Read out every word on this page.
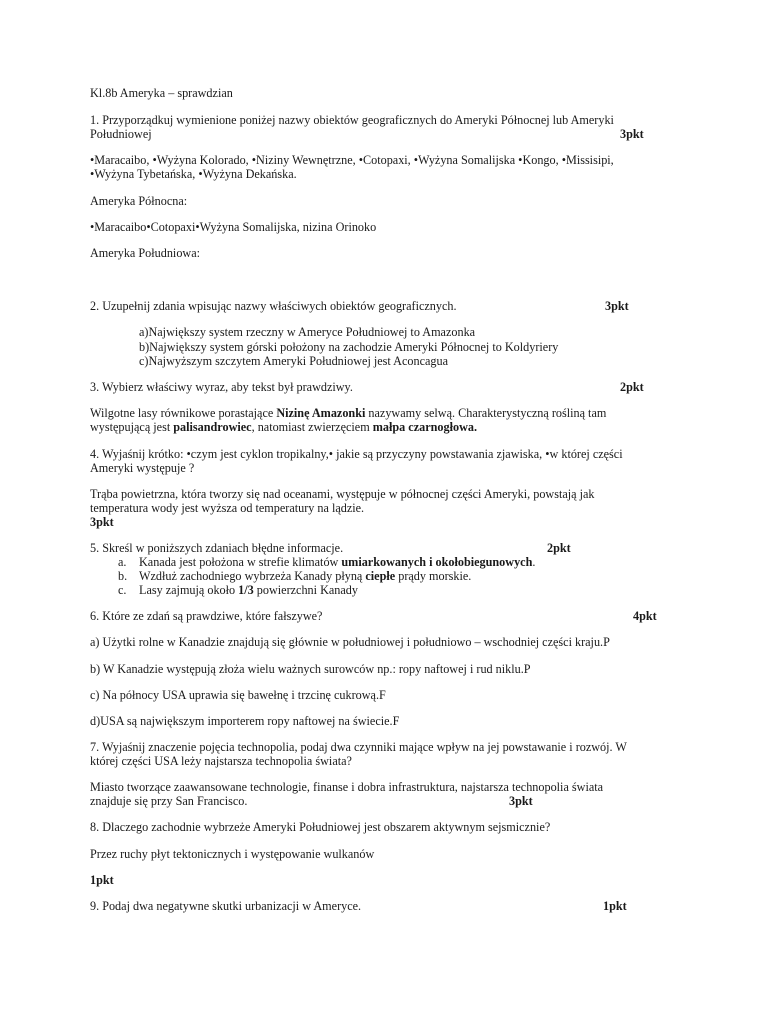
Kl.8b Ameryka – sprawdzian
1. Przyporządkuj wymienione poniżej nazwy obiektów geograficznych do Ameryki Północnej lub Ameryki
Południowej	3pkt
•Maracaibo, •Wyżyna Kolorado, •Niziny Wewnętrzne, •Cotopaxi, •Wyżyna Somalijska •Kongo, •Missisipi,
•Wyżyna Tybetańska, •Wyżyna Dekańska.
Ameryka Północna:
•Maracaibo•Cotopaxi•Wyżyna Somalijska, nizina Orinoko
Ameryka Południowa:
2. Uzupełnij zdania wpisując nazwy właściwych obiektów geograficznych.	3pkt
a)Największy system rzeczny w Ameryce Południowej to Amazonka
b)Największy system górski położony na zachodzie Ameryki Północnej to Koldyriery
c)Najwyższym szczytem Ameryki Południowej jest Aconcagua
3. Wybierz właściwy wyraz, aby tekst był prawdziwy.	2pkt
Wilgotne lasy równikowe porastające Nizinę Amazonki nazywamy selwą. Charakterystyczną rośliną tam
występującą jest palisandrowiec, natomiast zwierzęciem małpa czarnogłowa.
4. Wyjaśnij krótko: •czym jest cyklon tropikalny,• jakie są przyczyny powstawania zjawiska, •w której części
Ameryki występuje ?
Trąba powietrzna, która tworzy się nad oceanami, występuje w północnej części Ameryki, powstają jak
temperatura wody jest wyższa od temperatury na lądzie.
3pkt
5. Skreśl w poniższych zdaniach błędne informacje.	2pkt
a. Kanada jest położona w strefie klimatów umiarkowanych i okołobiegunowych.
b. Wzdłuż zachodniego wybrzeża Kanady płyną ciepłe prądy morskie.
c. Lasy zajmują około 1/3 powierzchni Kanady
6. Które ze zdań są prawdziwe, które fałszywe?	4pkt
a) Użytki rolne w Kanadzie znajdują się głównie w południowej i południowo – wschodniej części kraju.P
b) W Kanadzie występują złoża wielu ważnych surowców np.: ropy naftowej i rud niklu.P
c) Na północy USA uprawia się bawełnę i trzcinę cukrową.F
d)USA są największym importerem ropy naftowej na świecie.F
7. Wyjaśnij znaczenie pojęcia technopolia, podaj dwa czynniki mające wpływ na jej powstawanie i rozwój. W
której części USA leży najstarsza technopolia świata?
Miasto tworzące zaawansowane technologie, finanse i dobra infrastruktura, najstarsza technopolia świata
znajduje się przy San Francisco.	3pkt
8. Dlaczego zachodnie wybrzeże Ameryki Południowej jest obszarem aktywnym sejsmicznie?
Przez ruchy płyt tektonicznych i występowanie wulkanów
1pkt
9. Podaj dwa negatywne skutki urbanizacji w Ameryce.	1pkt
